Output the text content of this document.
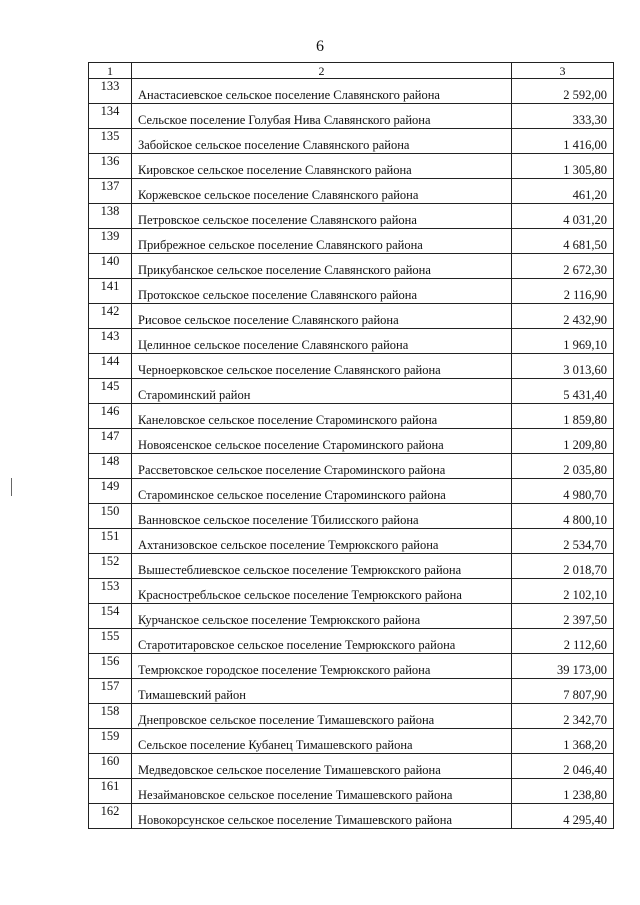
6
1	2	3
133	Анастасиевское сельское поселение Славянского района	2 592,00
134	Сельское поселение Голубая Нива Славянского района	333,30
135	Забойское сельское поселение Славянского района	1 416,00
136	Кировское сельское поселение Славянского района	1 305,80
137	Коржевское сельское поселение Славянского района	461,20
138	Петровское сельское поселение Славянского района	4 031,20
139	Прибрежное сельское поселение Славянского района	4 681,50
140	Прикубанское сельское поселение Славянского района	2 672,30
141	Протокское сельское поселение Славянского района	2 116,90
142	Рисовое сельское поселение Славянского района	2 432,90
143	Целинное сельское поселение Славянского района	1 969,10
144	Черноерковское сельское поселение Славянского района	3 013,60
145	Староминский район	5 431,40
146	Канеловское сельское поселение Староминского района	1 859,80
147	Новоясенское сельское поселение Староминского района	1 209,80
148	Рассветовское сельское поселение Староминского района	2 035,80
149	Староминское сельское поселение Староминского района	4 980,70
150	Ванновское сельское поселение Тбилисского района	4 800,10
151	Ахтанизовское сельское поселение Темрюкского района	2 534,70
152	Вышестеблиевское сельское поселение Темрюкского района	2 018,70
153	Красностребльское сельское поселение Темрюкского района	2 102,10
154	Курчанское сельское поселение Темрюкского района	2 397,50
155	Старотитаровское сельское поселение Темрюкского района	2 112,60
156	Темрюкское городское поселение Темрюкского района	39 173,00
157	Тимашевский район	7 807,90
158	Днепровское сельское поселение Тимашевского района	2 342,70
159	Сельское поселение Кубанец Тимашевского района	1 368,20
160	Медведовское сельское поселение Тимашевского района	2 046,40
161	Незаймановское сельское поселение Тимашевского района	1 238,80
162	Новокорсунское сельское поселение Тимашевского района	4 295,40
